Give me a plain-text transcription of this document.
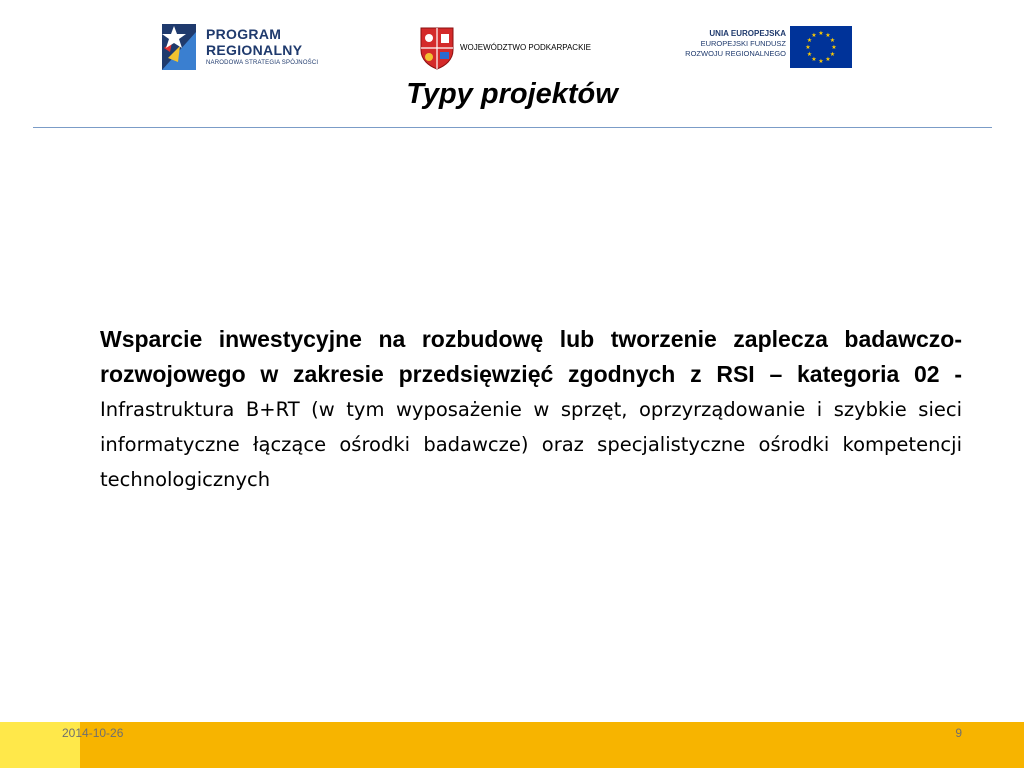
PROGRAM
REGIONALNY
NARODOWA STRATEGIA SPÓJNOŚCI
WOJEWÓDZTWO PODKARPACKIE
UNIA EUROPEJSKA
EUROPEJSKI FUNDUSZ
ROZWOJU REGIONALNEGO
★ ★
★
★
★
★
★
★
★
★
★
★
Typy projektów
Wsparcie inwestycyjne na rozbudowę lub tworzenie zaplecza badawczo-rozwojowego w zakresie przedsięwzięć zgodnych z RSI – kategoria 02 - Infrastruktura B+RT (w tym wyposażenie w sprzęt, oprzyrządowanie i szybkie sieci informatyczne łączące ośrodki badawcze) oraz specjalistyczne ośrodki kompetencji technologicznych
2014-10-26	9
